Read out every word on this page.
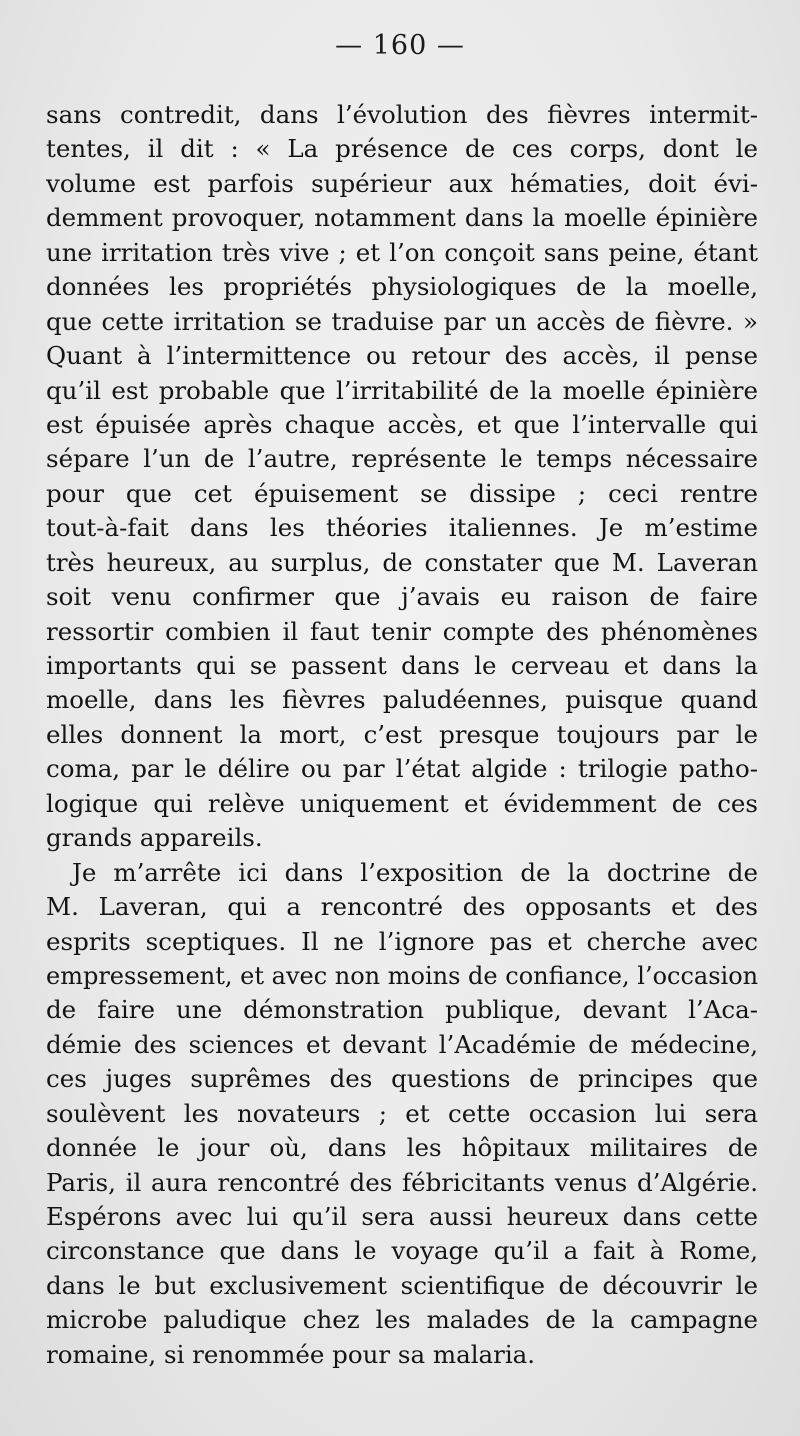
— 160 —
sans contredit, dans l’évolution des fièvres intermit-
tentes, il dit : « La présence de ces corps, dont le
volume est parfois supérieur aux hématies, doit évi-
demment provoquer, notamment dans la moelle épinière
une irritation très vive ; et l’on conçoit sans peine, étant
données les propriétés physiologiques de la moelle,
que cette irritation se traduise par un accès de fièvre. »
Quant à l’intermittence ou retour des accès, il pense
qu’il est probable que l’irritabilité de la moelle épinière
est épuisée après chaque accès, et que l’intervalle qui
sépare l’un de l’autre, représente le temps nécessaire
pour que cet épuisement se dissipe ; ceci rentre
tout-à-fait dans les théories italiennes. Je m’estime
très heureux, au surplus, de constater que M. Laveran
soit venu confirmer que j’avais eu raison de faire
ressortir combien il faut tenir compte des phénomènes
importants qui se passent dans le cerveau et dans la
moelle, dans les fièvres paludéennes, puisque quand
elles donnent la mort, c’est presque toujours par le
coma, par le délire ou par l’état algide : trilogie patho-
logique qui relève uniquement et évidemment de ces
grands appareils.
Je m’arrête ici dans l’exposition de la doctrine de
M. Laveran, qui a rencontré des opposants et des
esprits sceptiques. Il ne l’ignore pas et cherche avec
empressement, et avec non moins de confiance, l’occasion
de faire une démonstration publique, devant l’Aca-
démie des sciences et devant l’Académie de médecine,
ces juges suprêmes des questions de principes que
soulèvent les novateurs ; et cette occasion lui sera
donnée le jour où, dans les hôpitaux militaires de
Paris, il aura rencontré des fébricitants venus d’Algérie.
Espérons avec lui qu’il sera aussi heureux dans cette
circonstance que dans le voyage qu’il a fait à Rome,
dans le but exclusivement scientifique de découvrir le
microbe paludique chez les malades de la campagne
romaine, si renommée pour sa malaria.
